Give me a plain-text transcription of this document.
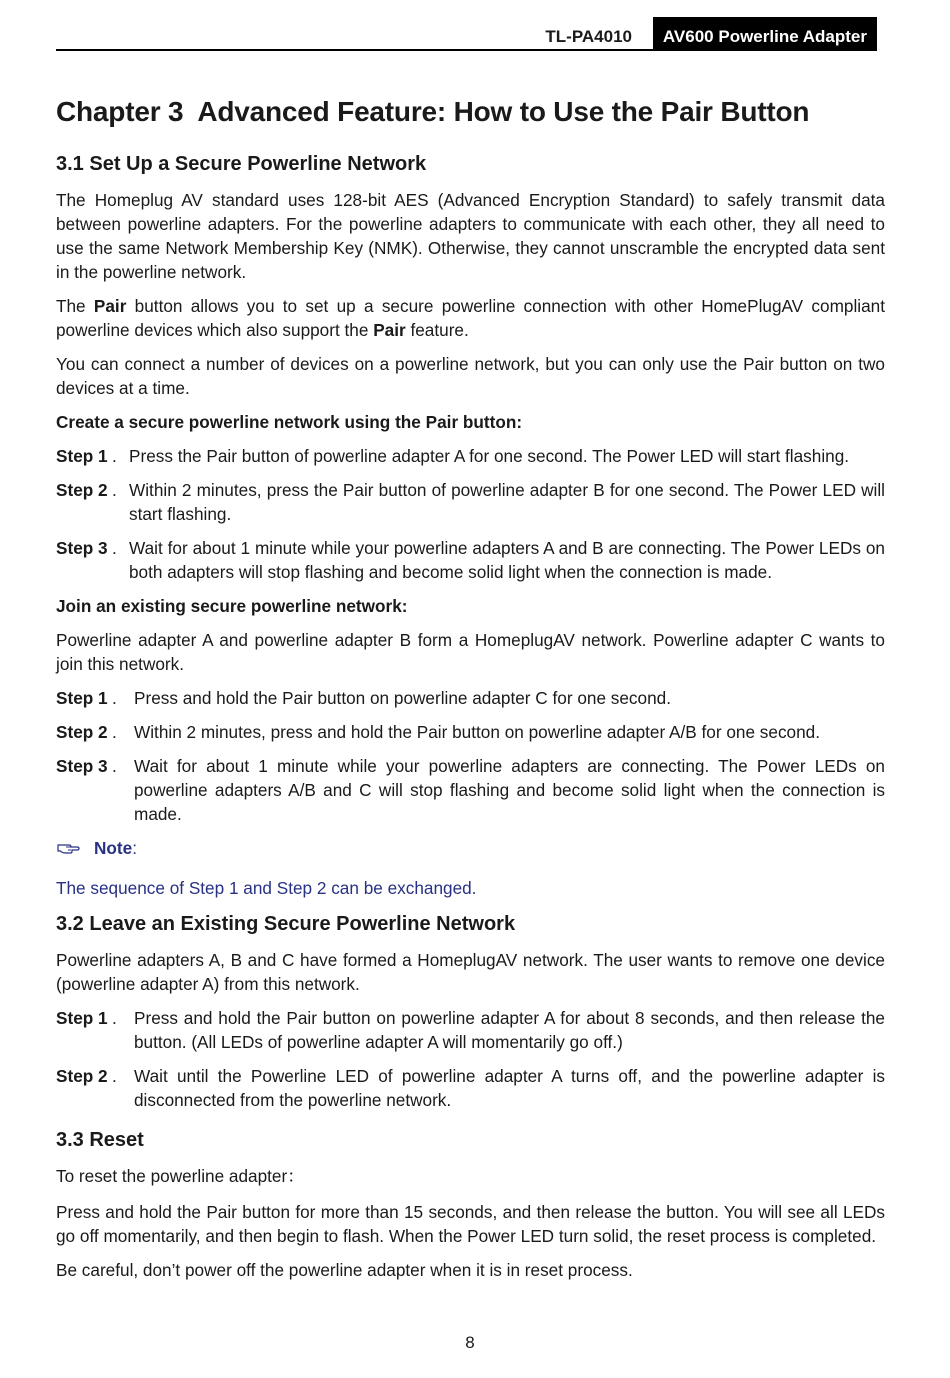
TL-PA4010	AV600 Powerline Adapter
Chapter 3 Advanced Feature: How to Use the Pair Button
3.1 Set Up a Secure Powerline Network

The Homeplug AV standard uses 128-bit AES (Advanced Encryption Standard) to safely transmit data between powerline adapters. For the powerline adapters to communicate with each other, they all need to use the same Network Membership Key (NMK). Otherwise, they cannot unscramble the encrypted data sent in the powerline network.

The Pair button allows you to set up a secure powerline connection with other HomePlugAV compliant powerline devices which also support the Pair feature.

You can connect a number of devices on a powerline network, but you can only use the Pair button on two devices at a time.

Create a secure powerline network using the Pair button:

Step 1 . Press the Pair button of powerline adapter A for one second. The Power LED will start flashing.
Step 2 . Within 2 minutes, press the Pair button of powerline adapter B for one second. The Power LED will start flashing.
Step 3 . Wait for about 1 minute while your powerline adapters A and B are connecting. The Power LEDs on both adapters will stop flashing and become solid light when the connection is made.

Join an existing secure powerline network:

Powerline adapter A and powerline adapter B form a HomeplugAV network. Powerline adapter C wants to join this network.

Step 1 .	Press and hold the Pair button on powerline adapter C for one second.
Step 2 .	Within 2 minutes, press and hold the Pair button on powerline adapter A/B for one second.
Step 3 .	Wait for about 1 minute while your powerline adapters are connecting. The Power LEDs on powerline adapters A/B and C will stop flashing and become solid light when the connection is made.
Note :

The sequence of Step 1 and Step 2 can be exchanged.

3.2 Leave an Existing Secure Powerline Network

Powerline adapters A, B and C have formed a HomeplugAV network. The user wants to remove one device (powerline adapter A) from this network.

Step 1 .	Press and hold the Pair button on powerline adapter A for about 8 seconds, and then release the button. (All LEDs of powerline adapter A will momentarily go off.)
Step 2 .	Wait until the Powerline LED of powerline adapter A turns off, and the powerline adapter is disconnected from the powerline network.
3.3 Reset

To reset the powerline adapter：

Press and hold the Pair button for more than 15 seconds, and then release the button. You will see all LEDs go off momentarily, and then begin to flash. When the Power LED turn solid, the reset process is completed.

Be careful, don’t power off the powerline adapter when it is in reset process.

8
